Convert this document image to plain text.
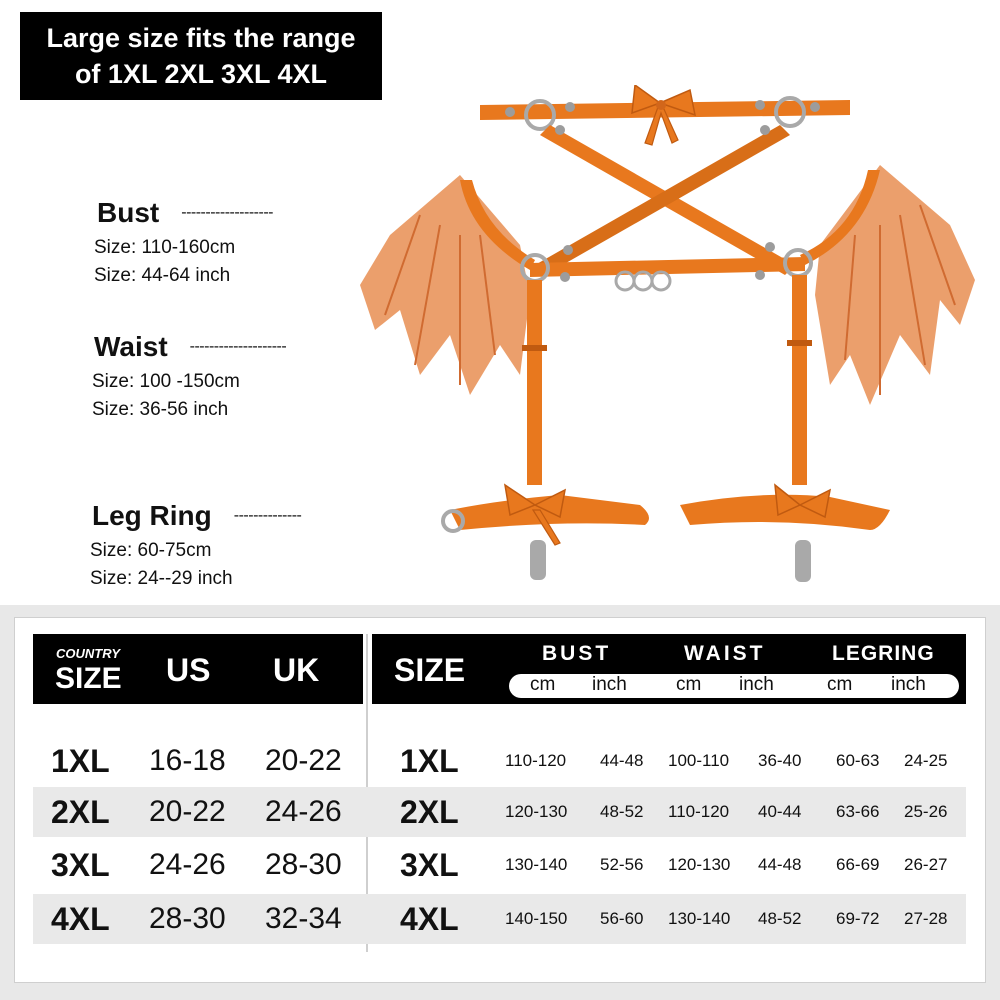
Large size fits the range
of 1XL 2XL 3XL 4XL
Bust -------------------
Size: 110-160cm
Size: 44-64 inch
Waist --------------------
Size: 100 -150cm
Size: 36-56 inch
Leg Ring --------------
Size: 60-75cm
Size: 24--29 inch
COUNTRY
SIZE US UK SIZE	BUST	WAIST	LEGRING
cm inch	cm inch	cm inch
1XL 16-18 20-22 1XL	110-120 44-48 100-110 36-40 60-63 24-25
2XL 20-22 24-26 2XL	120-130 48-52 110-120 40-44 63-66 25-26
3XL 24-26 28-30 3XL	130-140 52-56 120-130 44-48 66-69 26-27
4XL 28-30 32-34 4XL	140-150 56-60 130-140 48-52 69-72 27-28
